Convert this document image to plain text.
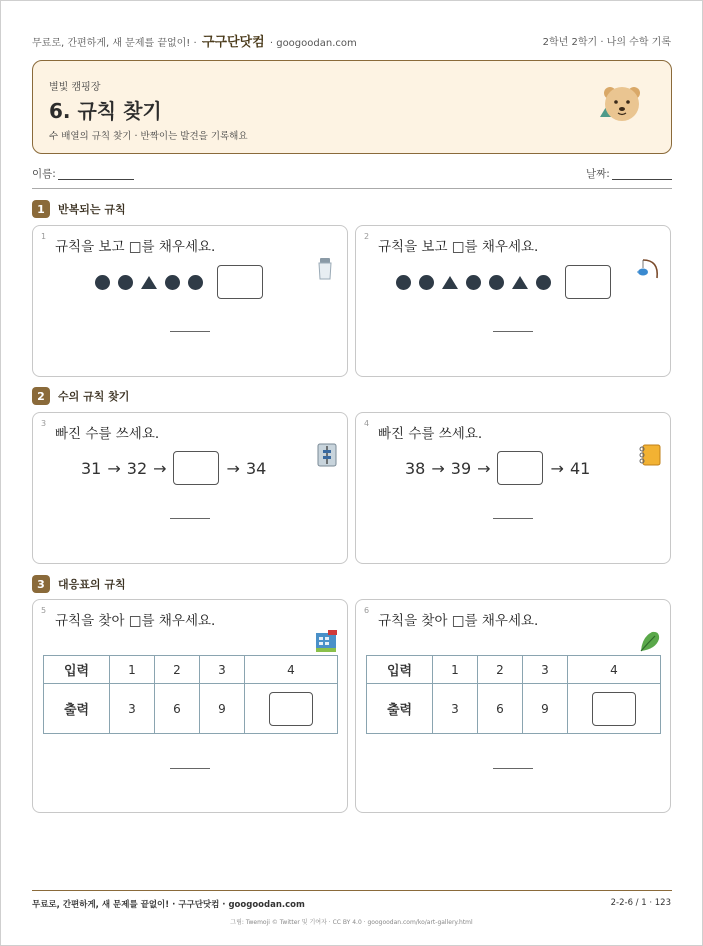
무료로, 간편하게, 새 문제를 끝없이! · 구구단닷컴 · googoodan.com	2학년 2학기 · 나의 수학 기록
별빛 캠핑장
6. 규칙 찾기
수 배열의 규칙 찾기 · 반짝이는 발견을 기록해요
이름:	날짜:
1	반복되는 규칙
1
규칙을 보고 □를 채우세요.
2
규칙을 보고 □를 채우세요.
2	수의 규칙 찾기
3
빠진 수를 쓰세요.
31 → 32 →	→ 34
4
빠진 수를 쓰세요.
38 → 39 →	→ 41
3	대응표의 규칙
5
규칙을 찾아 □를 채우세요.
입력	1	2	3	4
출력	3	6	9	
6
규칙을 찾아 □를 채우세요.
입력	1	2	3	4
출력	3	6	9	
무료로, 간편하게, 새 문제를 끝없이! · 구구단닷컴 · googoodan.com	2-2-6 / 1 · 123
그림: Twemoji © Twitter 및 기여자 · CC BY 4.0 · googoodan.com/ko/art-gallery.html
